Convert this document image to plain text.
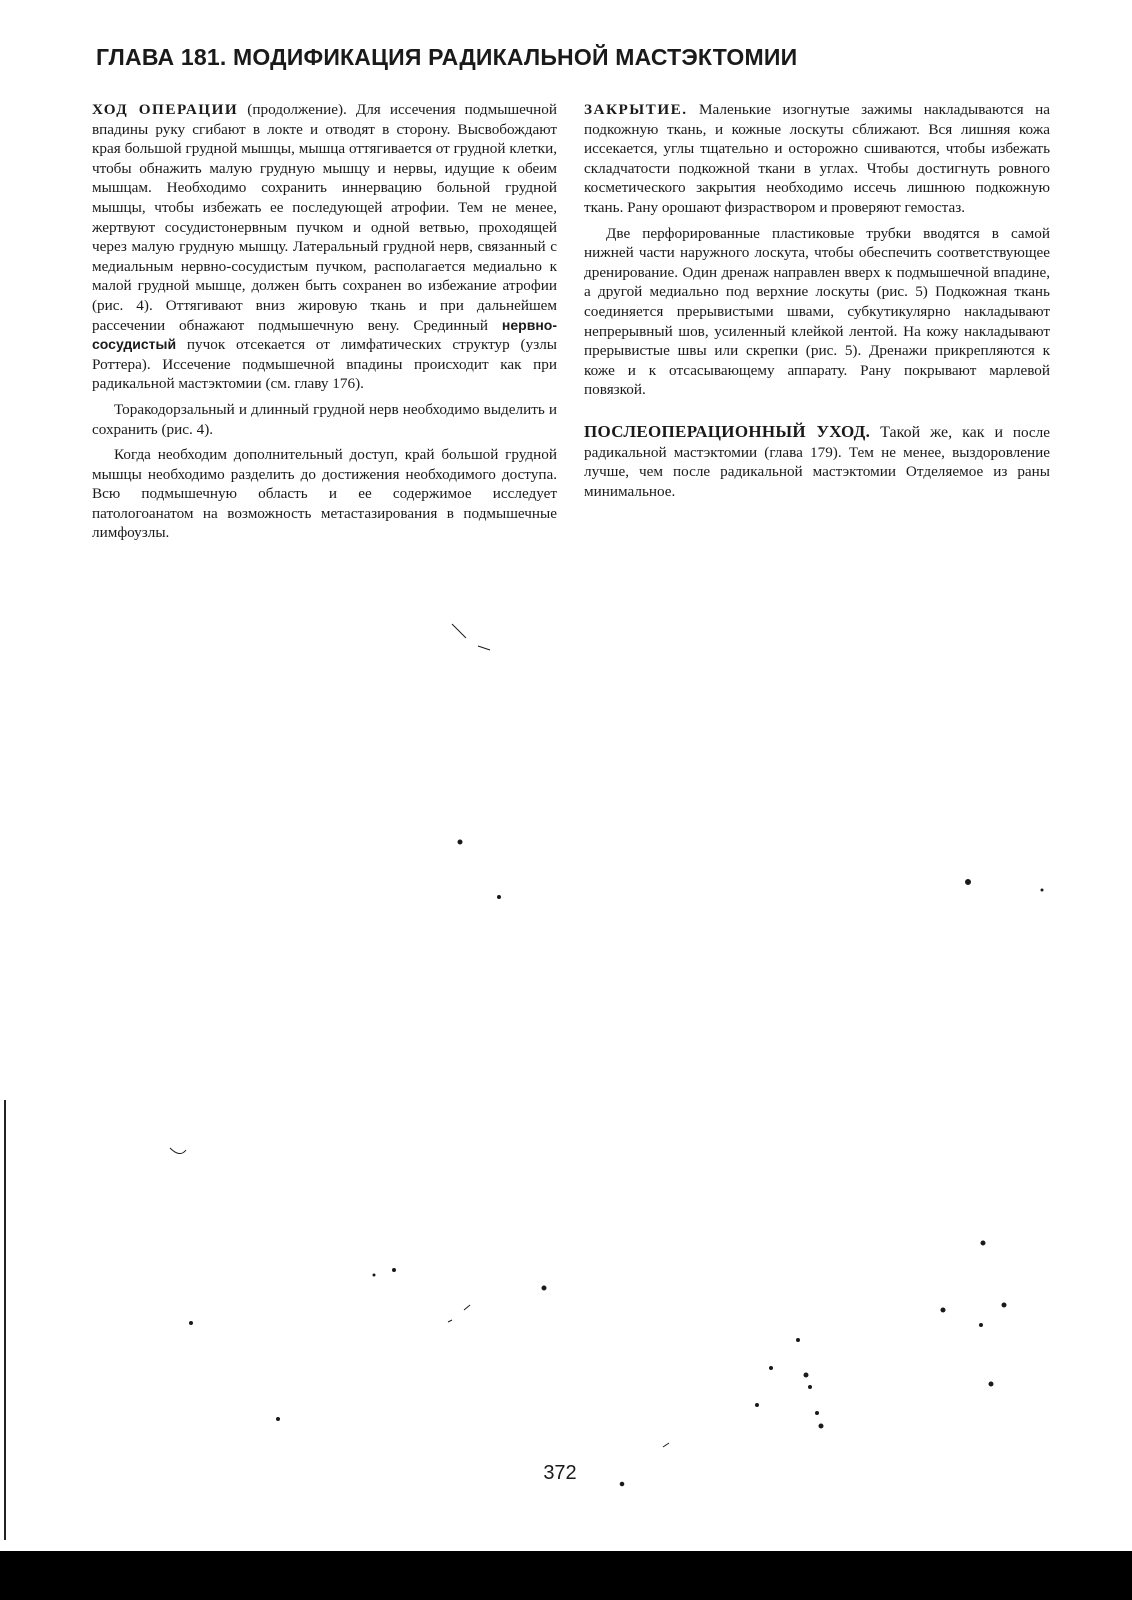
ГЛАВА 181. МОДИФИКАЦИЯ РАДИКАЛЬНОЙ МАСТЭКТОМИИ

ХОД ОПЕРАЦИИ (продолжение). Для иссечения подмышечной впадины руку сгибают в локте и отводят в сторону. Высвобождают края большой грудной мышцы, мышца оттягивается от грудной клетки, чтобы обнажить малую грудную мышцу и нервы, идущие к обеим мышцам. Необходимо сохранить иннервацию больной грудной мышцы, чтобы избежать ее последующей атрофии. Тем не менее, жертвуют сосудистонервным пучком и одной ветвью, проходящей через малую грудную мышцу. Латеральный грудной нерв, связанный с медиальным нервно-сосудистым пучком, располагается медиально к малой грудной мышце, должен быть сохранен во избежание атрофии (рис. 4). Оттягивают вниз жировую ткань и при дальнейшем рассечении обнажают подмышечную вену. Срединный нервно-сосудистый пучок отсекается от лимфатических структур (узлы Роттера). Иссечение подмышечной впадины происходит как при радикальной мастэктомии (см. главу 176).

Торакодорзальный и длинный грудной нерв необходимо выделить и сохранить (рис. 4).

Когда необходим дополнительный доступ, край большой грудной мышцы необходимо разделить до достижения необходимого доступа. Всю подмышечную область и ее содержимое исследует патологоанатом на возможность метастазирования в подмышечные лимфоузлы.

ЗАКРЫТИЕ. Маленькие изогнутые зажимы накладываются на подкожную ткань, и кожные лоскуты сближают. Вся лишняя кожа иссекается, углы тщательно и осторожно сшиваются, чтобы избежать складчатости подкожной ткани в углах. Чтобы достигнуть ровного косметического закрытия необходимо иссечь лишнюю подкожную ткань. Рану орошают физраствором и проверяют гемостаз.

Две перфорированные пластиковые трубки вводятся в самой нижней части наружного лоскута, чтобы обеспечить соответствующее дренирование. Один дренаж направлен вверх к подмышечной впадине, а другой медиально под верхние лоскуты (рис. 5) Подкожная ткань соединяется прерывистыми швами, субкутикулярно накладывают непрерывный шов, усиленный клейкой лентой. На кожу накладывают прерывистые швы или скрепки (рис. 5). Дренажи прикрепляются к коже и к отсасывающему аппарату. Рану покрывают марлевой повязкой.

ПОСЛЕОПЕРАЦИОННЫЙ УХОД. Такой же, как и после радикальной мастэктомии (глава 179). Тем не менее, выздоровление лучше, чем после радикальной мастэктомии Отделяемое из раны минимальное.

372
